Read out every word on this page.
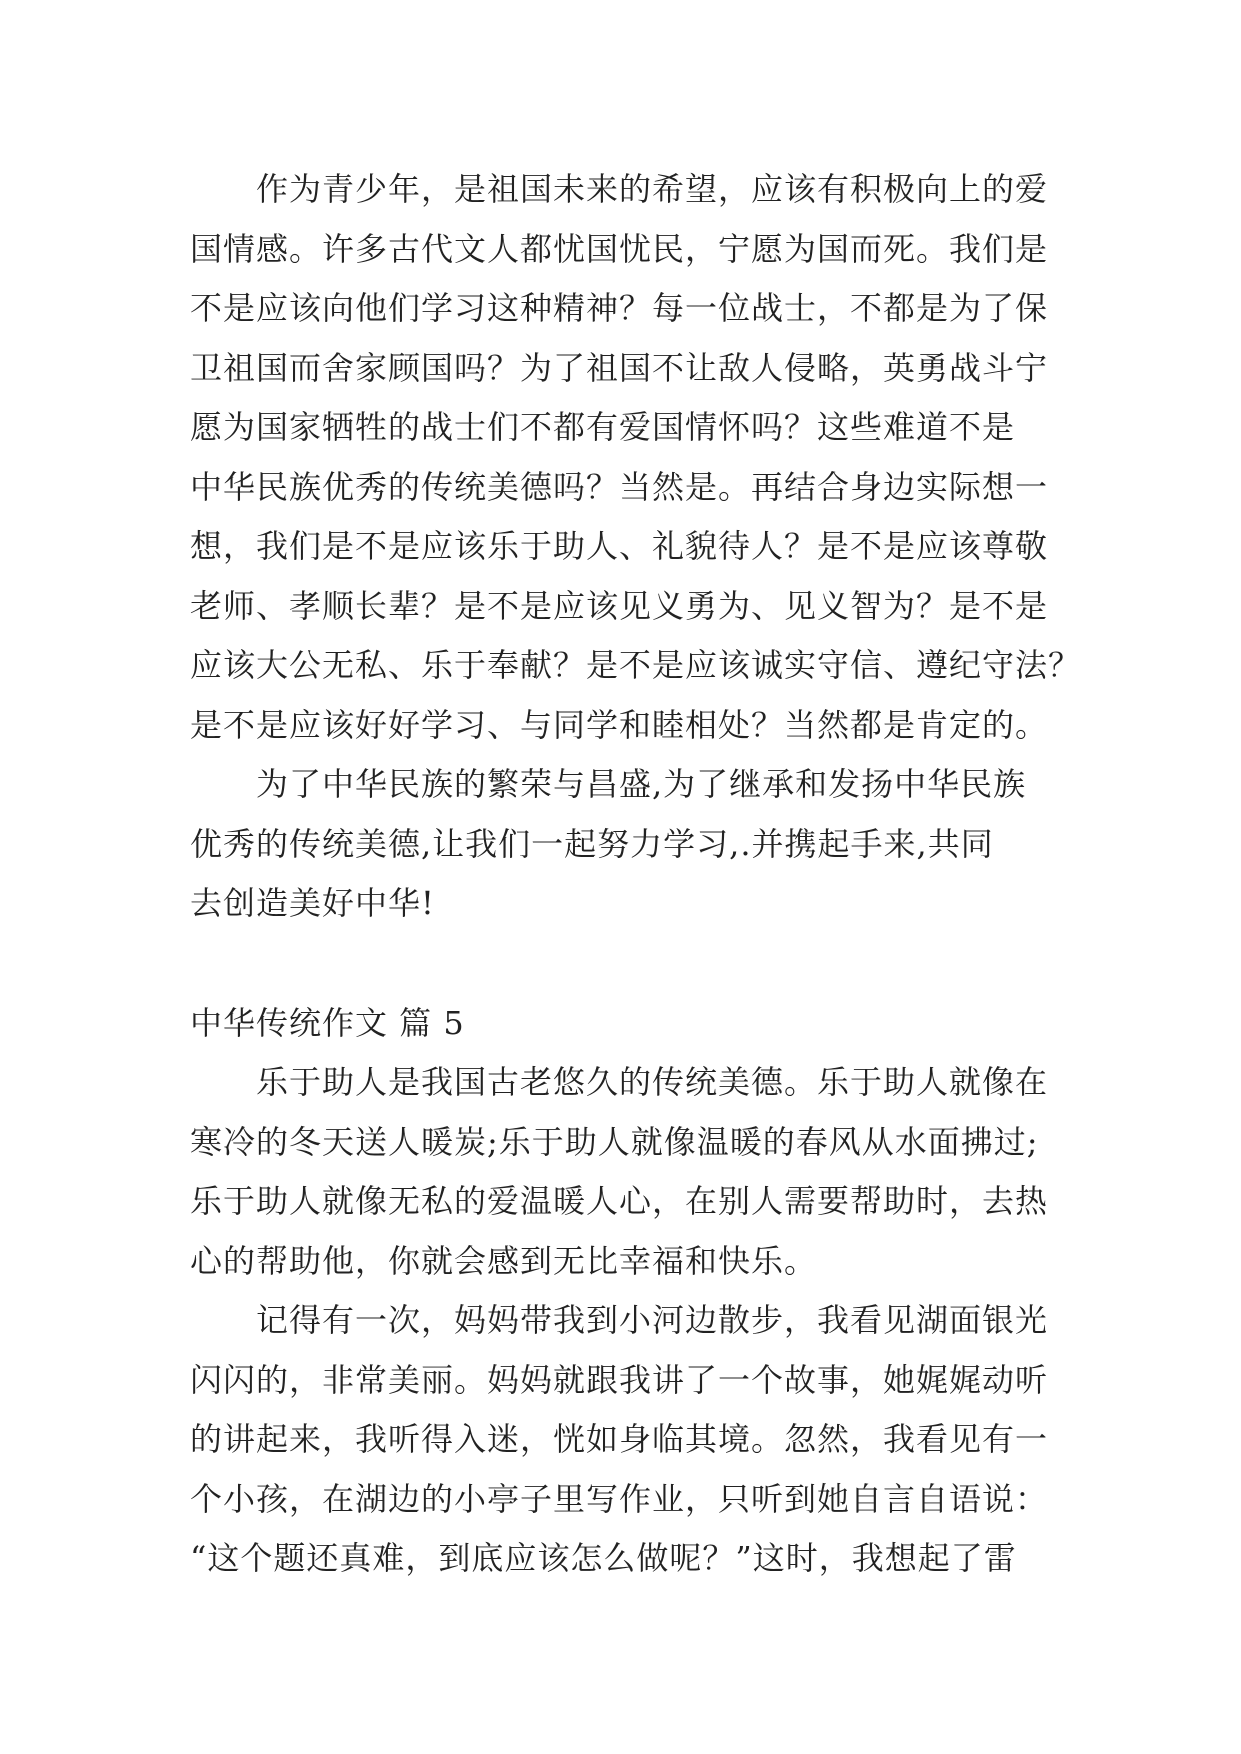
作为青少年，是祖国未来的希望，应该有积极向上的爱
国情感。许多古代文人都忧国忧民，宁愿为国而死。我们是
不是应该向他们学习这种精神？每一位战士，不都是为了保
卫祖国而舍家顾国吗？为了祖国不让敌人侵略，英勇战斗宁
愿为国家牺牲的战士们不都有爱国情怀吗？这些难道不是
中华民族优秀的传统美德吗？当然是。再结合身边实际想一
想，我们是不是应该乐于助人、礼貌待人？是不是应该尊敬
老师、孝顺长辈？是不是应该见义勇为、见义智为？是不是
应该大公无私、乐于奉献？是不是应该诚实守信、遵纪守法？
是不是应该好好学习、与同学和睦相处？当然都是肯定的。
为了中华民族的繁荣与昌盛,为了继承和发扬中华民族
优秀的传统美德,让我们一起努力学习,.并携起手来,共同
去创造美好中华!
中华传统作文 篇 5
乐于助人是我国古老悠久的传统美德。乐于助人就像在
寒冷的冬天送人暖炭;乐于助人就像温暖的春风从水面拂过;
乐于助人就像无私的爱温暖人心，在别人需要帮助时，去热
心的帮助他，你就会感到无比幸福和快乐。
记得有一次，妈妈带我到小河边散步，我看见湖面银光
闪闪的，非常美丽。妈妈就跟我讲了一个故事，她娓娓动听
的讲起来，我听得入迷，恍如身临其境。忽然，我看见有一
个小孩，在湖边的小亭子里写作业，只听到她自言自语说：
“这个题还真难，到底应该怎么做呢？”这时，我想起了雷
